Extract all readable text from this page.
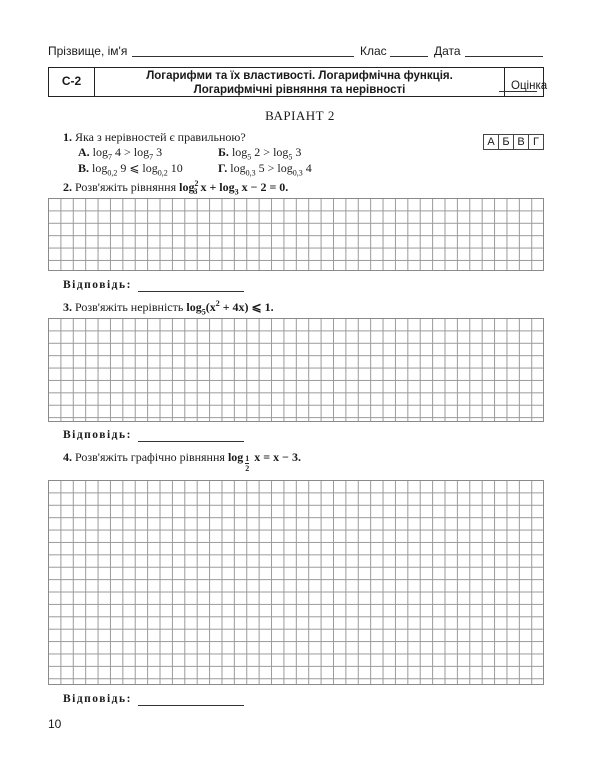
Прізвище, ім'я	Клас	Дата
С-2	Логарифми та їх властивості. Логарифмічна функція.
Логарифмічні рівняння та нерівності	Оцінка
ВАРІАНТ 2
А Б В Г
1. Яка з нерівностей є правильною?
А. $\log_7 4 > \log_7 3$	Б. $\log_5 2 > \log_5 3$
В. $\log_{0,2} 9$ ⩽ $\log_{0,2} 10$	Г. $\log_{0,3} 5 > \log_{0,3} 4$
2. Розв'яжіть рівняння $\log^2_3 x + \log_3 x - 2 = 0$.
Відповідь:
3. Розв'яжіть нерівність $\log_5(x^2 + 4x)$ ⩽ 1.
Відповідь:
4. Розв'яжіть графічно рівняння $\log \frac{1}{2}$ x = x − 3.
Відповідь:
10
